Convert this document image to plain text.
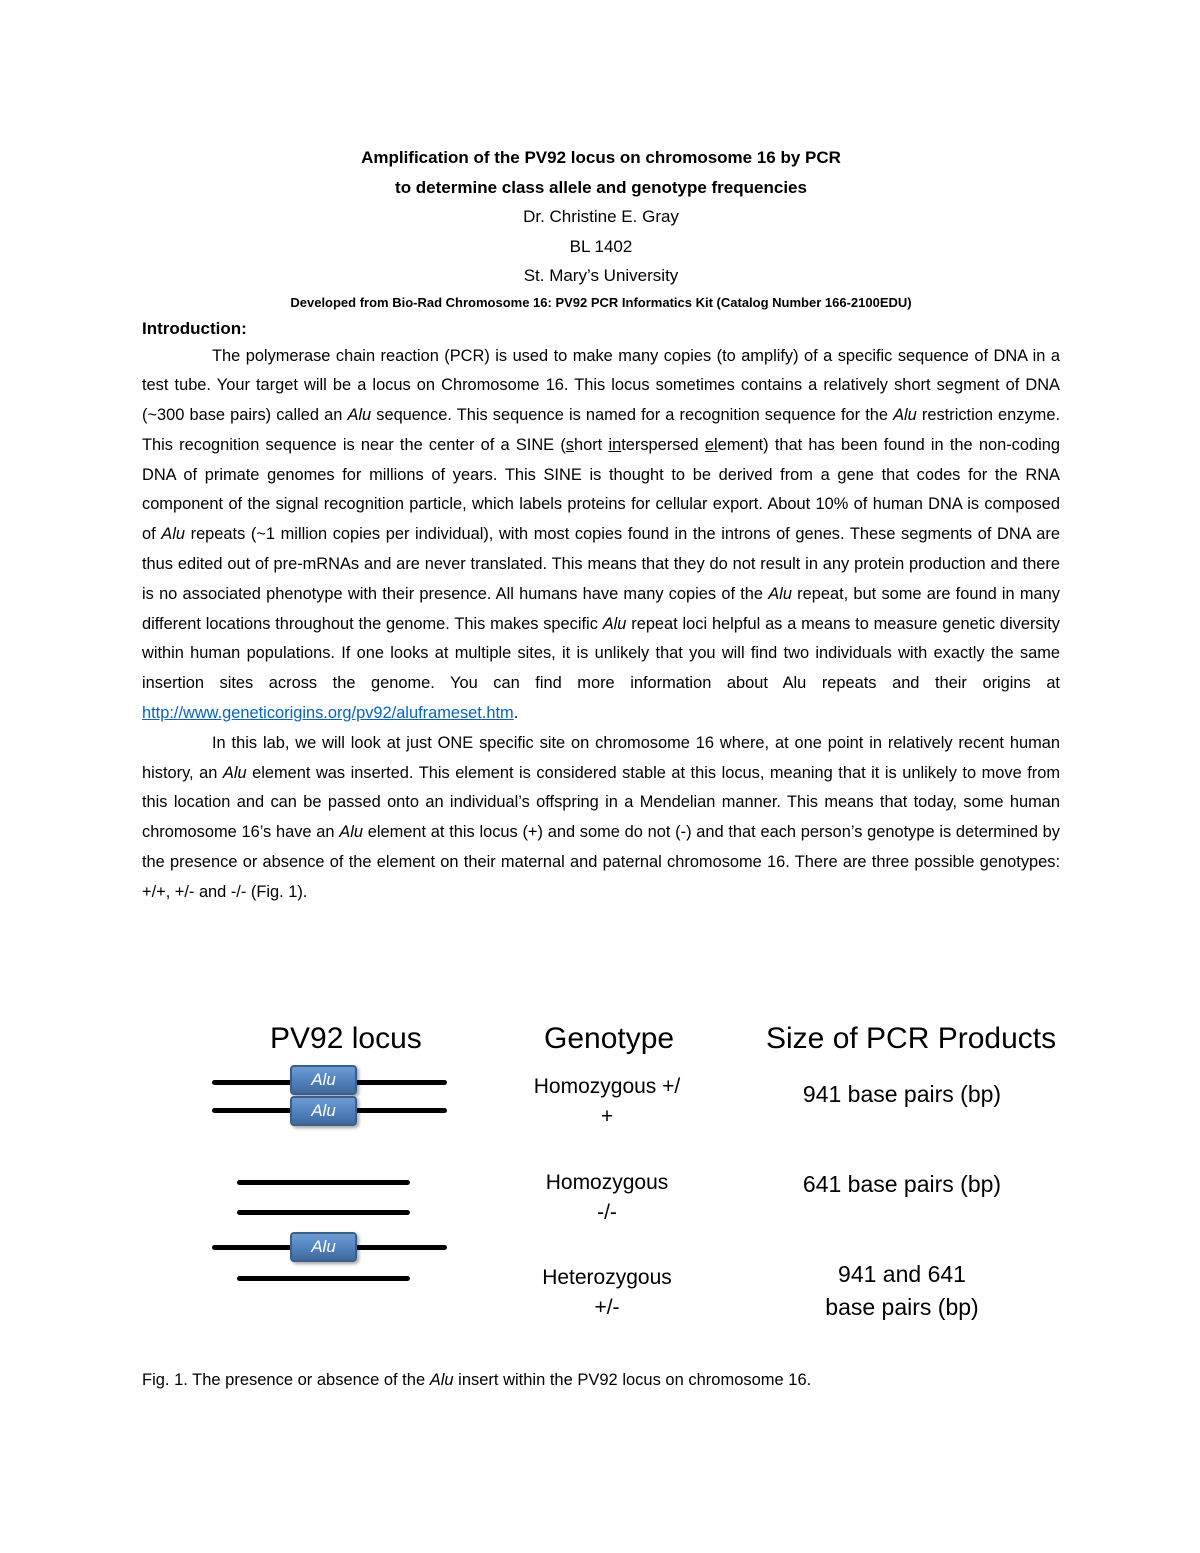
Amplification of the PV92 locus on chromosome 16 by PCR

to determine class allele and genotype frequencies

Dr. Christine E. Gray

BL 1402

St. Mary’s University

Developed from Bio-Rad Chromosome 16: PV92 PCR Informatics Kit (Catalog Number 166-2100EDU)

Introduction:

The polymerase chain reaction (PCR) is used to make many copies (to amplify) of a specific sequence of DNA in a test tube. Your target will be a locus on Chromosome 16. This locus sometimes contains a relatively short segment of DNA (~300 base pairs) called an Alu sequence. This sequence is named for a recognition sequence for the Alu restriction enzyme. This recognition sequence is near the center of a SINE (short interspersed element) that has been found in the non-coding DNA of primate genomes for millions of years. This SINE is thought to be derived from a gene that codes for the RNA component of the signal recognition particle, which labels proteins for cellular export. About 10% of human DNA is composed of Alu repeats (~1 million copies per individual), with most copies found in the introns of genes. These segments of DNA are thus edited out of pre-mRNAs and are never translated. This means that they do not result in any protein production and there is no associated phenotype with their presence. All humans have many copies of the Alu repeat, but some are found in many different locations throughout the genome. This makes specific Alu repeat loci helpful as a means to measure genetic diversity within human populations. If one looks at multiple sites, it is unlikely that you will find two individuals with exactly the same insertion sites across the genome. You can find more information about Alu repeats and their origins at http://www.geneticorigins.org/pv92/aluframeset.htm.

In this lab, we will look at just ONE specific site on chromosome 16 where, at one point in relatively recent human history, an Alu element was inserted. This element is considered stable at this locus, meaning that it is unlikely to move from this location and can be passed onto an individual’s offspring in a Mendelian manner. This means that today, some human chromosome 16’s have an Alu element at this locus (+) and some do not (-) and that each person’s genotype is determined by the presence or absence of the element on their maternal and paternal chromosome 16. There are three possible genotypes: +/+, +/- and -/- (Fig. 1).

PV92 locus	Genotype	Size of PCR Products
Alu
Alu
Alu
Homozygous +/
+
Homozygous
-/-
Heterozygous
+/-
941 base pairs (bp)
641 base pairs (bp)
941 and 641
base pairs (bp)

Fig. 1. The presence or absence of the Alu insert within the PV92 locus on chromosome 16.
